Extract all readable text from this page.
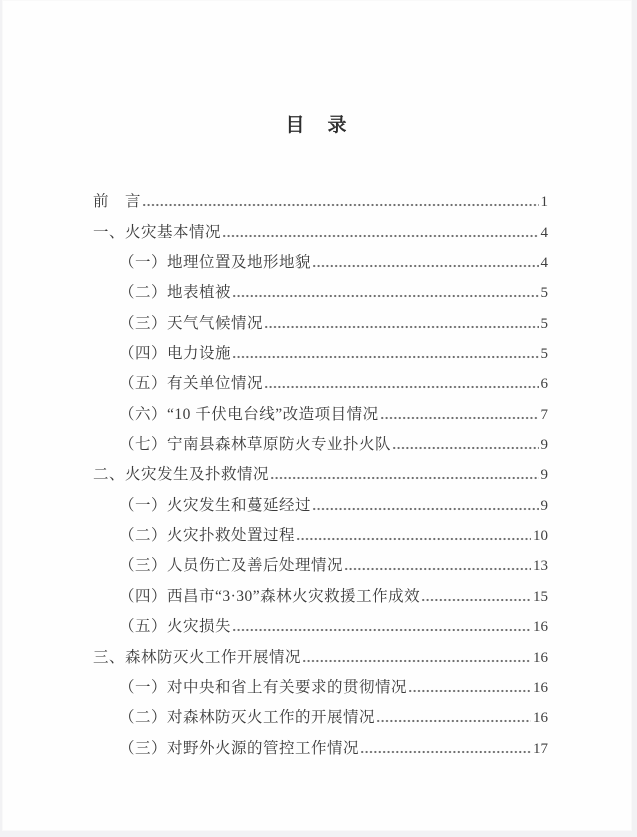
目　录
前　言	1
一、火灾基本情况	4
（一）地理位置及地形地貌	4
（二）地表植被	5
（三）天气气候情况	5
（四）电力设施	5
（五）有关单位情况	6
（六）“10 千伏电台线”改造项目情况	7
（七）宁南县森林草原防火专业扑火队	9
二、火灾发生及扑救情况	9
（一）火灾发生和蔓延经过	9
（二）火灾扑救处置过程	10
（三）人员伤亡及善后处理情况	13
（四）西昌市“3·30”森林火灾救援工作成效	15
（五）火灾损失	16
三、森林防灭火工作开展情况	16
（一）对中央和省上有关要求的贯彻情况	16
（二）对森林防灭火工作的开展情况	16
（三）对野外火源的管控工作情况	17
